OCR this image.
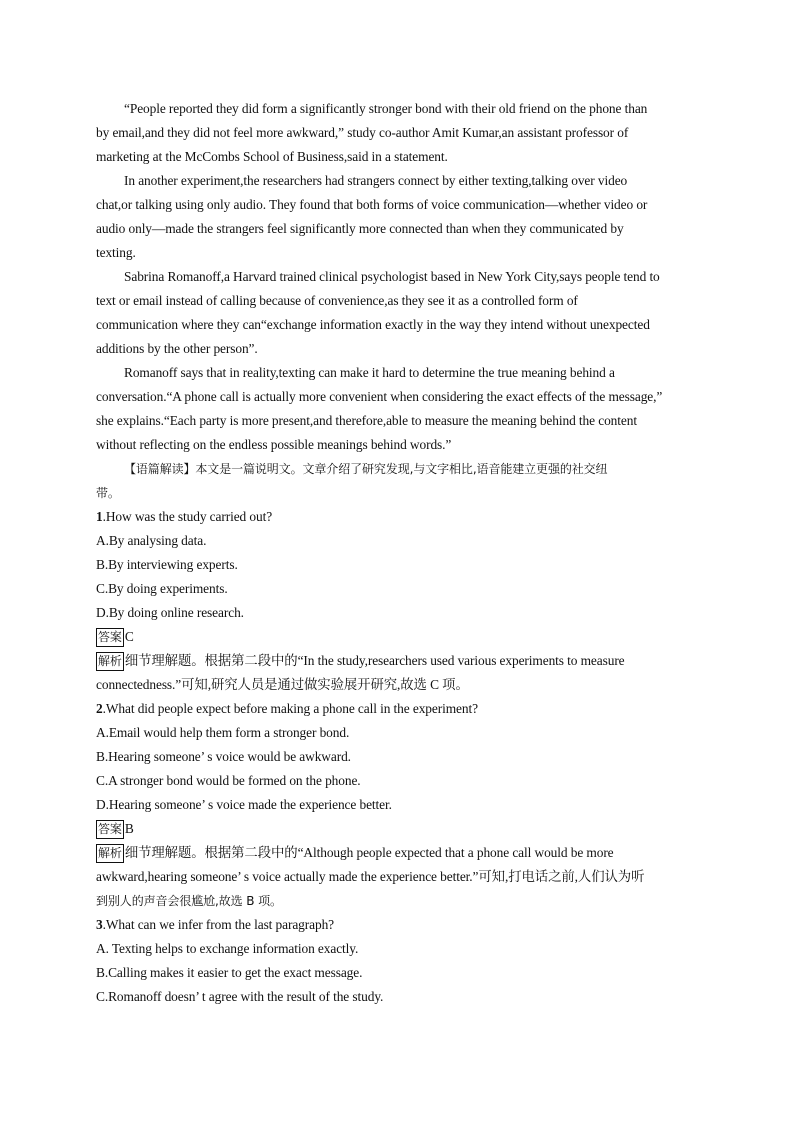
“People reported they did form a significantly stronger bond with their old friend on the phone than
by email,and they did not feel more awkward,” study co-author Amit Kumar,an assistant professor of
marketing at the McCombs School of Business,said in a statement.
In another experiment,the researchers had strangers connect by either texting,talking over video
chat,or talking using only audio. They found that both forms of voice communication—whether video or
audio only—made the strangers feel significantly more connected than when they communicated by
texting.
Sabrina Romanoff,a Harvard trained clinical psychologist based in New York City,says people tend to
text or email instead of calling because of convenience,as they see it as a controlled form of
communication where they can“exchange information exactly in the way they intend without unexpected
additions by the other person”.
Romanoff says that in reality,texting can make it hard to determine the true meaning behind a
conversation.“A phone call is actually more convenient when considering the exact effects of the message,”
she explains.“Each party is more present,and therefore,able to measure the meaning behind the content
without reflecting on the endless possible meanings behind words.”
【语篇解读】本文是一篇说明文。文章介绍了研究发现,与文字相比,语音能建立更强的社交纽
带。
1.How was the study carried out?
A.By analysing data.
B.By interviewing experts.
C.By doing experiments.
D.By doing online research.
答案 C
解析 细节理解题。根据第二段中的“In the study,researchers used various experiments to measure
connectedness.”可知,研究人员是通过做实验展开研究,故选 C 项。
2.What did people expect before making a phone call in the experiment?
A.Email would help them form a stronger bond.
B.Hearing someone’ s voice would be awkward.
C.A stronger bond would be formed on the phone.
D.Hearing someone’ s voice made the experience better.
答案 B
解析 细节理解题。根据第二段中的“Although people expected that a phone call would be more
awkward,hearing someone’ s voice actually made the experience better.”可知,打电话之前,人们认为听
到别人的声音会很尴尬,故选 B 项。
3.What can we infer from the last paragraph?
A. Texting helps to exchange information exactly.
B.Calling makes it easier to get the exact message.
C.Romanoff doesn’ t agree with the result of the study.
